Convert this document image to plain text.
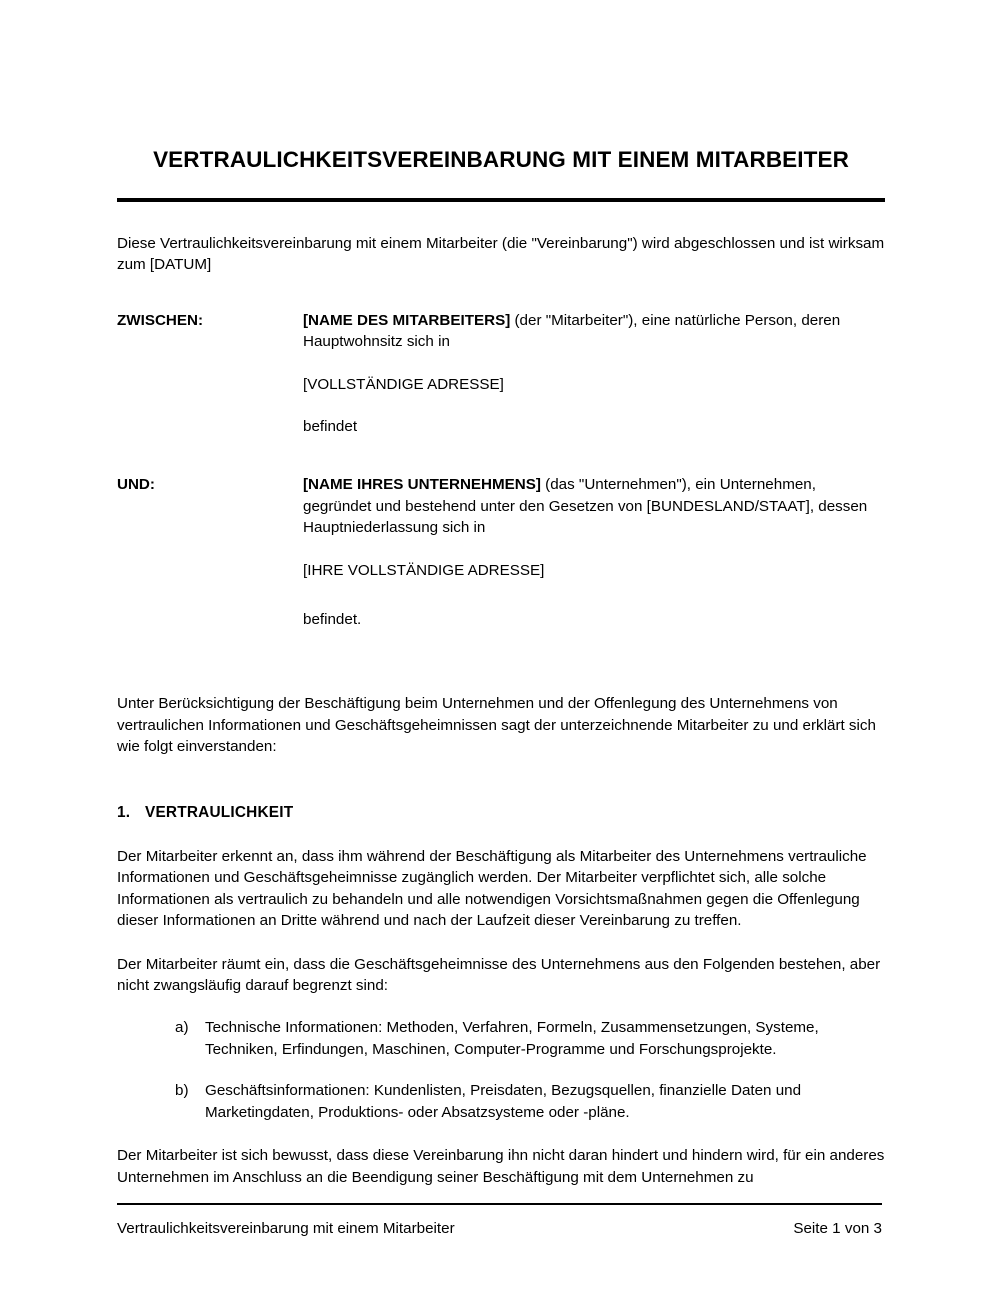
VERTRAULICHKEITSVEREINBARUNG MIT EINEM MITARBEITER

Diese Vertraulichkeitsvereinbarung mit einem Mitarbeiter (die "Vereinbarung") wird abgeschlossen und ist wirksam zum [DATUM]

ZWISCHEN:	[NAME DES MITARBEITERS] (der "Mitarbeiter"), eine natürliche Person, deren Hauptwohnsitz sich in
[VOLLSTÄNDIGE ADRESSE]
befindet
UND:	[NAME IHRES UNTERNEHMENS] (das "Unternehmen"), ein Unternehmen, gegründet und bestehend unter den Gesetzen von [BUNDESLAND/STAAT], dessen Hauptniederlassung sich in
[IHRE VOLLSTÄNDIGE ADRESSE]
befindet.

Unter Berücksichtigung der Beschäftigung beim Unternehmen und der Offenlegung des Unternehmens von vertraulichen Informationen und Geschäftsgeheimnissen sagt der unterzeichnende Mitarbeiter zu und erklärt sich wie folgt einverstanden:

1. VERTRAULICHKEIT

Der Mitarbeiter erkennt an, dass ihm während der Beschäftigung als Mitarbeiter des Unternehmens vertrauliche Informationen und Geschäftsgeheimnisse zugänglich werden. Der Mitarbeiter verpflichtet sich, alle solche Informationen als vertraulich zu behandeln und alle notwendigen Vorsichtsmaßnahmen gegen die Offenlegung dieser Informationen an Dritte während und nach der Laufzeit dieser Vereinbarung zu treffen.

Der Mitarbeiter räumt ein, dass die Geschäftsgeheimnisse des Unternehmens aus den Folgenden bestehen, aber nicht zwangsläufig darauf begrenzt sind:

a) Technische Informationen: Methoden, Verfahren, Formeln, Zusammensetzungen, Systeme, Techniken, Erfindungen, Maschinen, Computer-Programme und Forschungsprojekte.
b) Geschäftsinformationen: Kundenlisten, Preisdaten, Bezugsquellen, finanzielle Daten und Marketingdaten, Produktions- oder Absatzsysteme oder -pläne.

Der Mitarbeiter ist sich bewusst, dass diese Vereinbarung ihn nicht daran hindert und hindern wird, für ein anderes Unternehmen im Anschluss an die Beendigung seiner Beschäftigung mit dem Unternehmen zu

Vertraulichkeitsvereinbarung mit einem Mitarbeiter	Seite 1 von 3
